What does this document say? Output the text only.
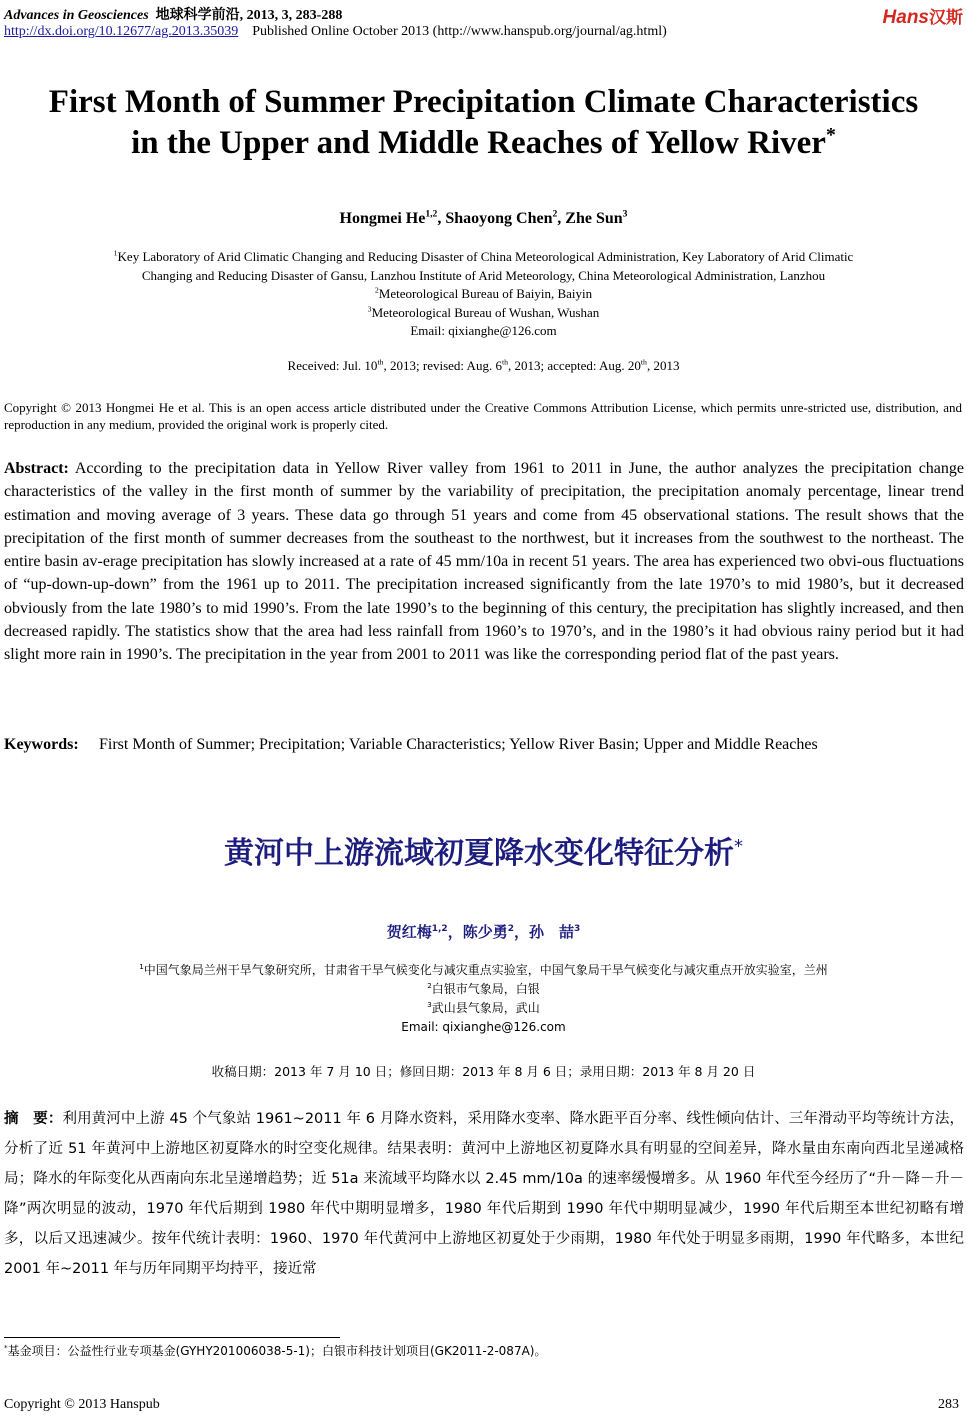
Advances in Geosciences 地球科学前沿, 2013, 3, 283-288
http://dx.doi.org/10.12677/ag.2013.35039 Published Online October 2013 (http://www.hanspub.org/journal/ag.html)
Hans汉斯
First Month of Summer Precipitation Climate Characteristics
in the Upper and Middle Reaches of Yellow River*
Hongmei He$^{1,2}$, Shaoyong Chen$^2$, Zhe Sun$^3$
$^1$Key Laboratory of Arid Climatic Changing and Reducing Disaster of China Meteorological Administration, Key Laboratory of Arid Climatic
Changing and Reducing Disaster of Gansu, Lanzhou Institute of Arid Meteorology, China Meteorological Administration, Lanzhou
$^2$Meteorological Bureau of Baiyin, Baiyin
$^3$Meteorological Bureau of Wushan, Wushan
Email: qixianghe@126.com
Received: Jul. 10th, 2013; revised: Aug. 6th, 2013; accepted: Aug. 20th, 2013
Copyright © 2013 Hongmei He et al. This is an open access article distributed under the Creative Commons Attribution License, which permits unre-stricted use, distribution, and reproduction in any medium, provided the original work is properly cited.
Abstract: According to the precipitation data in Yellow River valley from 1961 to 2011 in June, the author analyzes the precipitation change characteristics of the valley in the first month of summer by the variability of precipitation, the precipitation anomaly percentage, linear trend estimation and moving average of 3 years. These data go through 51 years and come from 45 observational stations. The result shows that the precipitation of the first month of summer decreases from the southeast to the northwest, but it increases from the southwest to the northeast. The entire basin av-erage precipitation has slowly increased at a rate of 45 mm/10a in recent 51 years. The area has experienced two obvi-ous fluctuations of “up-down-up-down” from the 1961 up to 2011. The precipitation increased significantly from the late 1970’s to mid 1980’s, but it decreased obviously from the late 1980’s to mid 1990’s. From the late 1990’s to the beginning of this century, the precipitation has slightly increased, and then decreased rapidly. The statistics show that the area had less rainfall from 1960’s to 1970’s, and in the 1980’s it had obvious rainy period but it had slight more rain in 1990’s. The precipitation in the year from 2001 to 2011 was like the corresponding period flat of the past years.
Keywords:	First Month of Summer; Precipitation; Variable Characteristics; Yellow River Basin; Upper and Middle Reaches
黄河中上游流域初夏降水变化特征分析*
贺红梅$^{1,2}$，陈少勇$^2$，孙　喆$^3$
$^1$中国气象局兰州干旱气象研究所，甘肃省干旱气候变化与减灾重点实验室，中国气象局干旱气候变化与减灾重点开放实验室，兰州
$^2$白银市气象局，白银
$^3$武山县气象局，武山
Email: qixianghe@126.com
收稿日期：2013 年 7 月 10 日；修回日期：2013 年 8 月 6 日；录用日期：2013 年 8 月 20 日
摘　要：利用黄河中上游 45 个气象站 1961~2011 年 6 月降水资料，采用降水变率、降水距平百分率、线性倾向估计、三年滑动平均等统计方法，分析了近 51 年黄河中上游地区初夏降水的时空变化规律。结果表明：黄河中上游地区初夏降水具有明显的空间差异，降水量由东南向西北呈递减格局；降水的年际变化从西南向东北呈递增趋势；近 51a 来流域平均降水以 2.45 mm/10a 的速率缓慢增多。从 1960 年代至今经历了“升－降－升－降”两次明显的波动，1970 年代后期到 1980 年代中期明显增多，1980 年代后期到 1990 年代中期明显减少，1990 年代后期至本世纪初略有增多，以后又迅速减少。按年代统计表明：1960、1970 年代黄河中上游地区初夏处于少雨期，1980 年代处于明显多雨期，1990 年代略多，本世纪 2001 年~2011 年与历年同期平均持平，接近常
*基金项目：公益性行业专项基金(GYHY201006038-5-1)；白银市科技计划项目(GK2011-2-087A)。
Copyright © 2013 Hanspub	283
